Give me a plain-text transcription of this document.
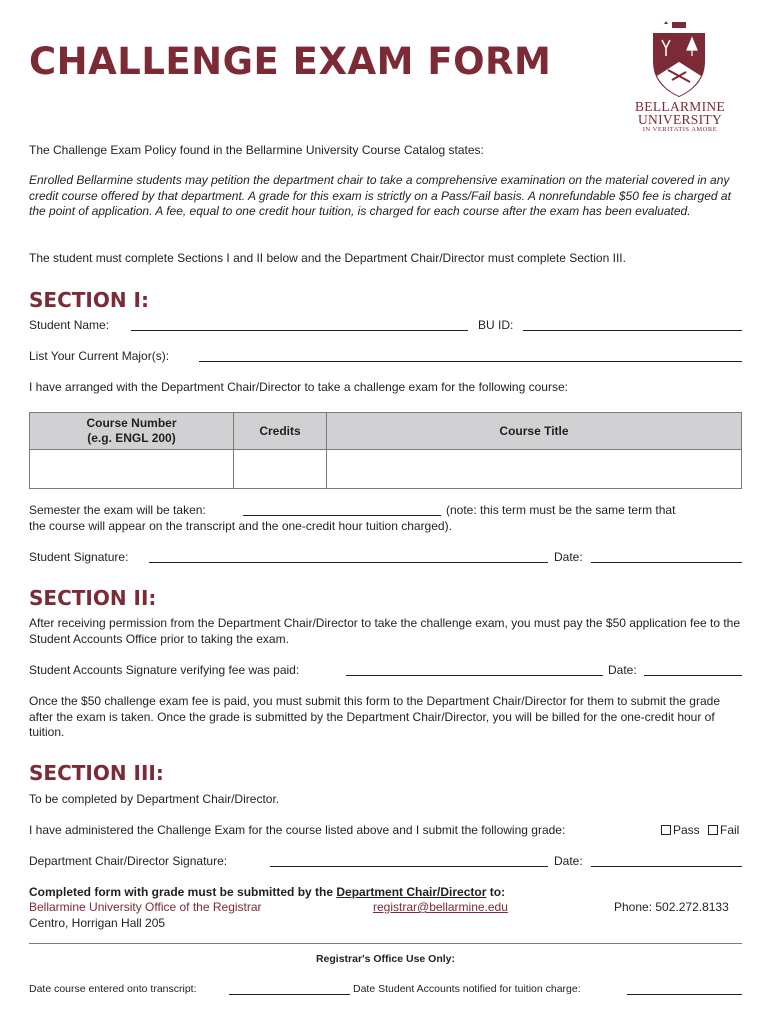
CHALLENGE EXAM FORM
BELLARMINE
UNIVERSITY
IN VERITATIS AMORE
The Challenge Exam Policy found in the Bellarmine University Course Catalog states:
Enrolled Bellarmine students may petition the department chair to take a comprehensive examination on the material covered in any credit course offered by that department. A grade for this exam is strictly on a Pass/Fail basis. A nonrefundable $50 fee is charged at the point of application. A fee, equal to one credit hour tuition, is charged for each course after the exam has been evaluated.
The student must complete Sections I and II below and the Department Chair/Director must complete Section III.
SECTION I:
Student Name:	BU ID:
List Your Current Major(s):
I have arranged with the Department Chair/Director to take a challenge exam for the following course:
Course Number
(e.g. ENGL 200)	Credits	Course Title

Semester the exam will be taken:	(note: this term must be the same term that
the course will appear on the transcript and the one-credit hour tuition charged).
Student Signature:	Date:
SECTION II:
After receiving permission from the Department Chair/Director to take the challenge exam, you must pay the $50 application fee to the Student Accounts Office prior to taking the exam.
Student Accounts Signature verifying fee was paid:	Date:
Once the $50 challenge exam fee is paid, you must submit this form to the Department Chair/Director for them to submit the grade after the exam is taken. Once the grade is submitted by the Department Chair/Director, you will be billed for the one-credit hour of tuition.
SECTION III:
To be completed by Department Chair/Director.
I have administered the Challenge Exam for the course listed above and I submit the following grade:	Pass	Fail
Department Chair/Director Signature:	Date:
Completed form with grade must be submitted by the Department Chair/Director to:
Bellarmine University Office of the Registrar	registrar@bellarmine.edu	Phone: 502.272.8133
Centro, Horrigan Hall 205
Registrar's Office Use Only:
Date course entered onto transcript:	Date Student Accounts notified for tuition charge:
